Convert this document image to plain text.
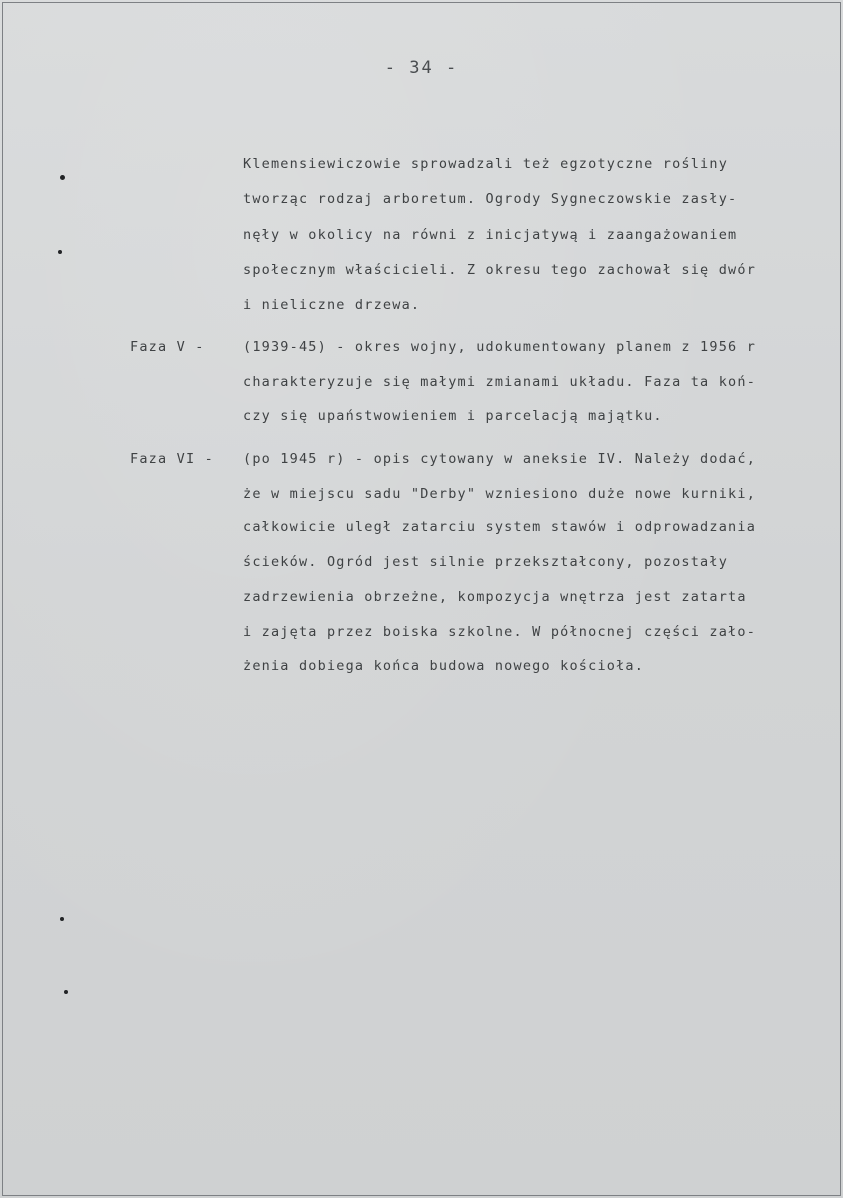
- 34 -
Klemensiewiczowie sprowadzali też egzotyczne rośliny
tworząc rodzaj arboretum. Ogrody Sygneczowskie zasły-
nęły w okolicy na równi z inicjatywą i zaangażowaniem
społecznym właścicieli. Z okresu tego zachował się dwór
i nieliczne drzewa.
Faza V -	(1939-45) - okres wojny, udokumentowany planem z 1956 r
charakteryzuje się małymi zmianami układu. Faza ta koń-
czy się upaństwowieniem i parcelacją majątku.
Faza VI - (po 1945 r) - opis cytowany w aneksie IV. Należy dodać,
że w miejscu sadu "Derby" wzniesiono duże nowe kurniki,
całkowicie uległ zatarciu system stawów i odprowadzania
ścieków. Ogród jest silnie przekształcony, pozostały
zadrzewienia obrzeżne, kompozycja wnętrza jest zatarta
i zajęta przez boiska szkolne. W północnej części zało-
żenia dobiega końca budowa nowego kościoła.
